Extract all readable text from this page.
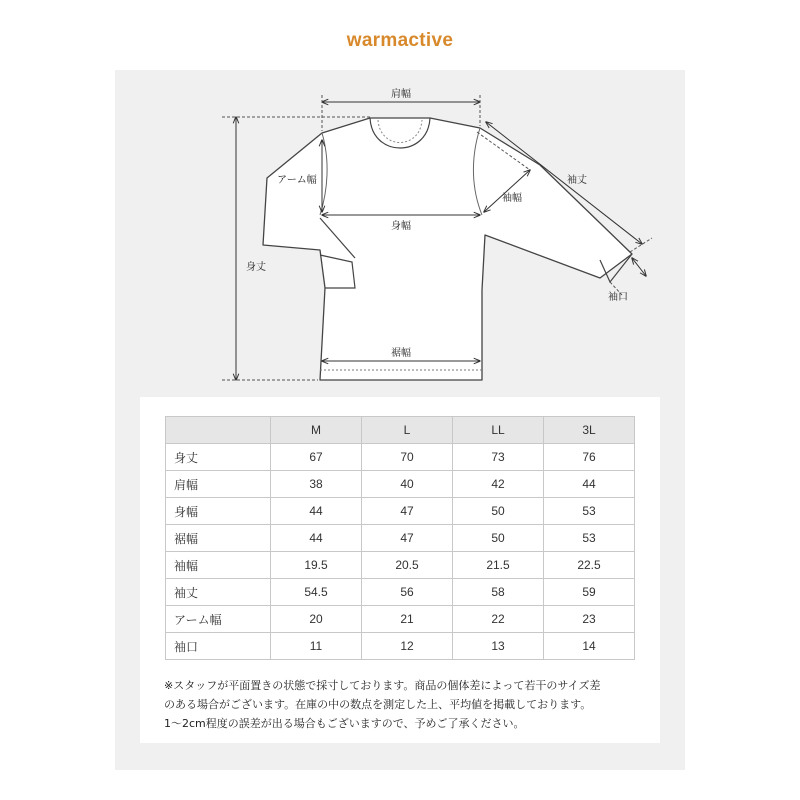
warmactive
肩幅
身丈
身幅
アーム幅
袖幅
袖丈
袖口
裾幅
	M	L	LL	3L
身丈	67	70	73	76
肩幅	38	40	42	44
身幅	44	47	50	53
裾幅	44	47	50	53
袖幅	19.5	20.5	21.5	22.5
袖丈	54.5	56	58	59
アーム幅	20	21	22	23
袖口	11	12	13	14
※スタッフが平面置きの状態で採寸しております。商品の個体差によって若干のサイズ差
のある場合がございます。在庫の中の数点を測定した上、平均値を掲載しております。
1〜2cm程度の誤差が出る場合もございますので、予めご了承ください。
